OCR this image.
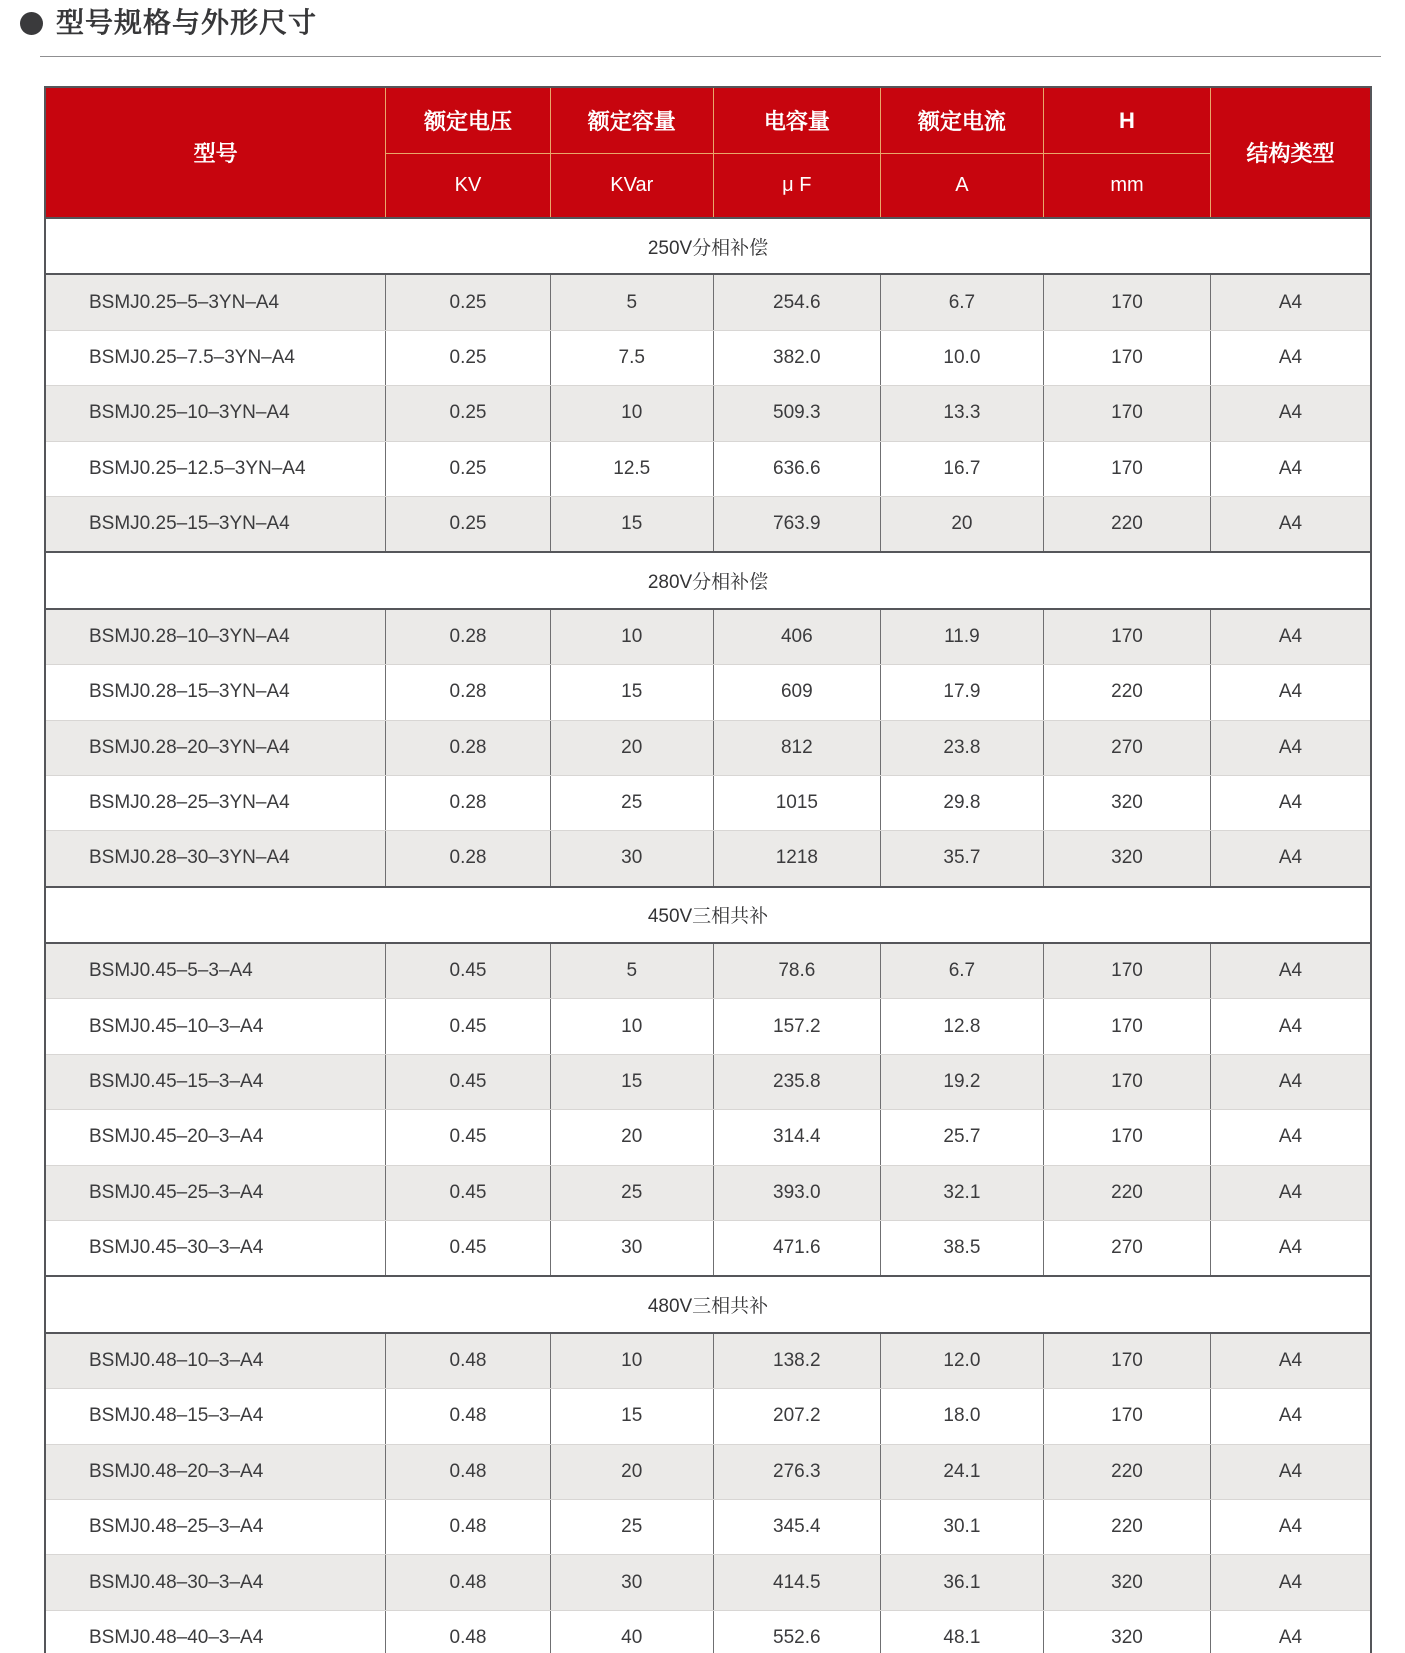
型号规格与外形尺寸
型号	额定电压	额定容量	电容量	额定电流	H	结构类型
	KV	KVar	μ F	A	mm	
250V分相补偿						
BSMJ0.25–5–3YN–A4	0.25	5	254.6	6.7	170	A4
BSMJ0.25–7.5–3YN–A4	0.25	7.5	382.0	10.0	170	A4
BSMJ0.25–10–3YN–A4	0.25	10	509.3	13.3	170	A4
BSMJ0.25–12.5–3YN–A4	0.25	12.5	636.6	16.7	170	A4
BSMJ0.25–15–3YN–A4	0.25	15	763.9	20	220	A4
280V分相补偿						
BSMJ0.28–10–3YN–A4	0.28	10	406	11.9	170	A4
BSMJ0.28–15–3YN–A4	0.28	15	609	17.9	220	A4
BSMJ0.28–20–3YN–A4	0.28	20	812	23.8	270	A4
BSMJ0.28–25–3YN–A4	0.28	25	1015	29.8	320	A4
BSMJ0.28–30–3YN–A4	0.28	30	1218	35.7	320	A4
450V三相共补						
BSMJ0.45–5–3–A4	0.45	5	78.6	6.7	170	A4
BSMJ0.45–10–3–A4	0.45	10	157.2	12.8	170	A4
BSMJ0.45–15–3–A4	0.45	15	235.8	19.2	170	A4
BSMJ0.45–20–3–A4	0.45	20	314.4	25.7	170	A4
BSMJ0.45–25–3–A4	0.45	25	393.0	32.1	220	A4
BSMJ0.45–30–3–A4	0.45	30	471.6	38.5	270	A4
480V三相共补						
BSMJ0.48–10–3–A4	0.48	10	138.2	12.0	170	A4
BSMJ0.48–15–3–A4	0.48	15	207.2	18.0	170	A4
BSMJ0.48–20–3–A4	0.48	20	276.3	24.1	220	A4
BSMJ0.48–25–3–A4	0.48	25	345.4	30.1	220	A4
BSMJ0.48–30–3–A4	0.48	30	414.5	36.1	320	A4
BSMJ0.48–40–3–A4	0.48	40	552.6	48.1	320	A4
